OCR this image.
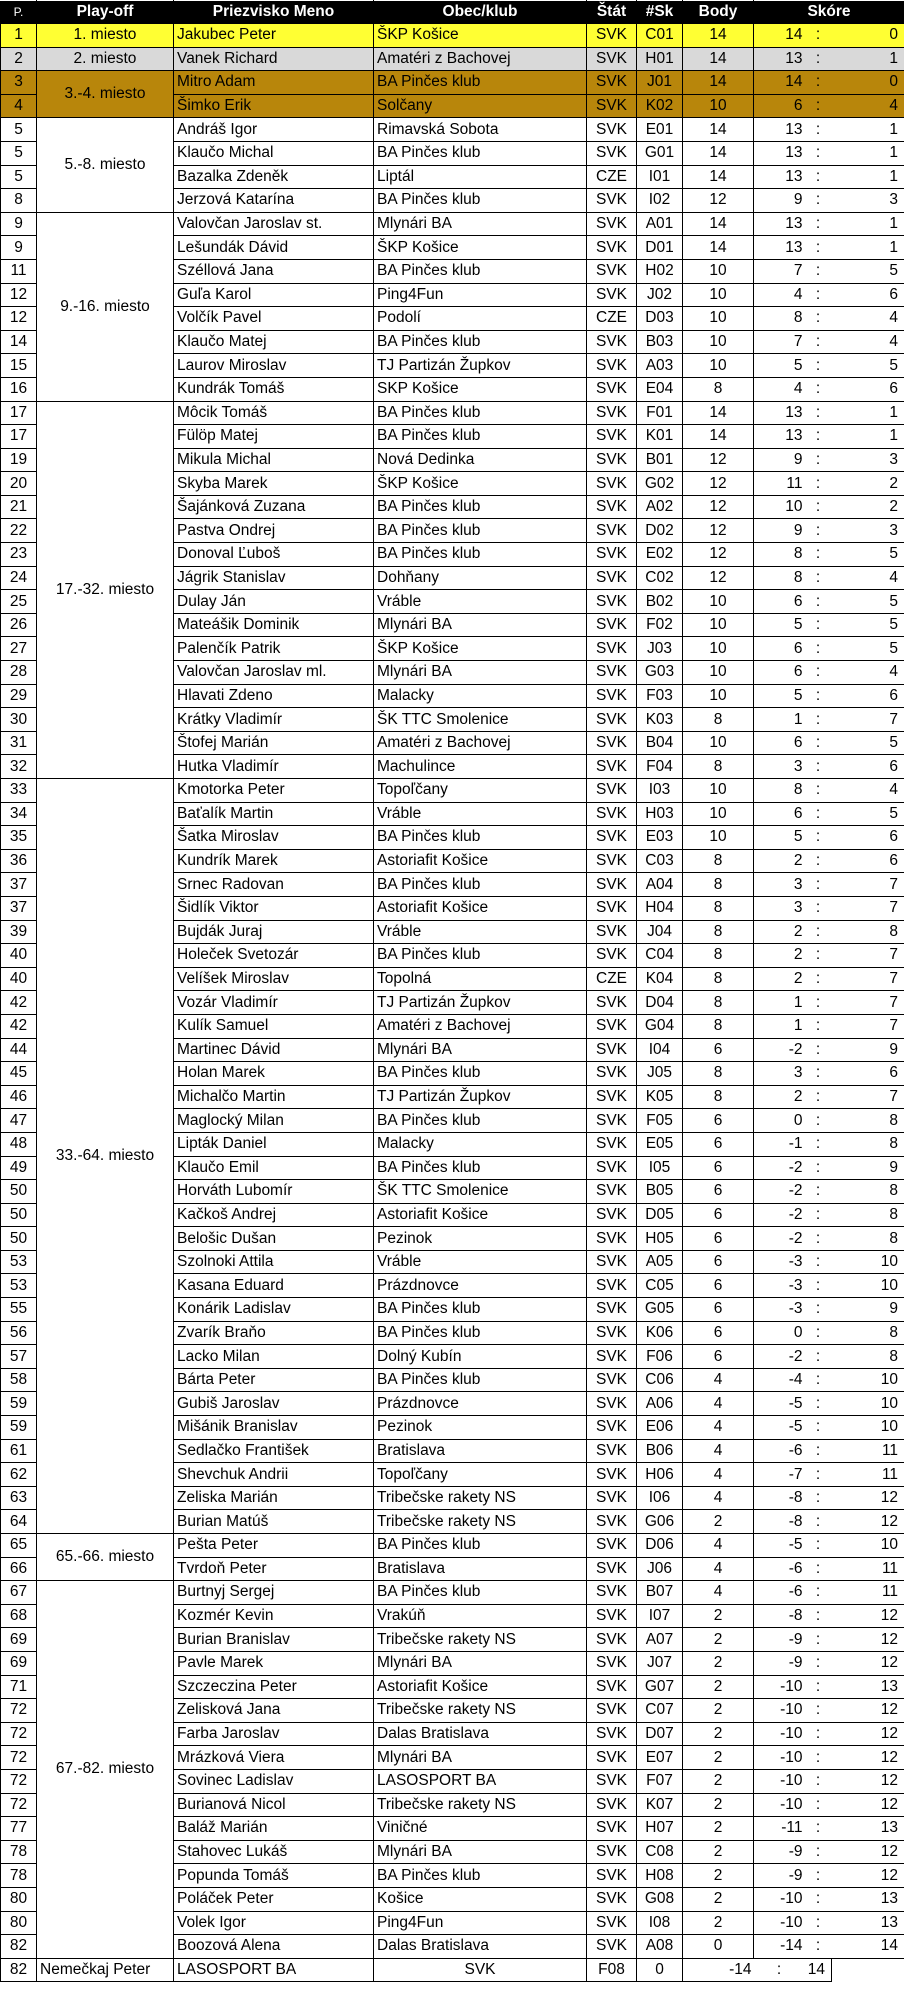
P.	Play-off	Priezvisko Meno	Obec/klub	Štát	#Sk	Body	Skóre		
1	1. miesto	Jakubec Peter	ŠKP Košice	SVK	C01	14	14	:	0
2	2. miesto	Vanek Richard	Amatéri z Bachovej	SVK	H01	14	13	:	1
3	3.-4. miesto	Mitro Adam	BA Pinčes klub	SVK	J01	14	14	:	0
4		Šimko Erik	Solčany	SVK	K02	10	6	:	4
5	5.-8. miesto	Andráš Igor	Rimavská Sobota	SVK	E01	14	13	:	1
5		Klaučo Michal	BA Pinčes klub	SVK	G01	14	13	:	1
5		Bazalka Zdeněk	Liptál	CZE	I01	14	13	:	1
8		Jerzová Katarína	BA Pinčes klub	SVK	I02	12	9	:	3
9	9.-16. miesto	Valovčan Jaroslav st.	Mlynári BA	SVK	A01	14	13	:	1
9		Lešundák Dávid	ŠKP Košice	SVK	D01	14	13	:	1
11		Széllová Jana	BA Pinčes klub	SVK	H02	10	7	:	5
12		Guľa Karol	Ping4Fun	SVK	J02	10	4	:	6
12		Volčík Pavel	Podolí	CZE	D03	10	8	:	4
14		Klaučo Matej	BA Pinčes klub	SVK	B03	10	7	:	4
15		Laurov Miroslav	TJ Partizán Župkov	SVK	A03	10	5	:	5
16		Kundrák Tomáš	SKP Košice	SVK	E04	8	4	:	6
17	17.-32. miesto	Môcik Tomáš	BA Pinčes klub	SVK	F01	14	13	:	1
17		Fülöp Matej	BA Pinčes klub	SVK	K01	14	13	:	1
19		Mikula Michal	Nová Dedinka	SVK	B01	12	9	:	3
20		Skyba Marek	ŠKP Košice	SVK	G02	12	11	:	2
21		Šajánková Zuzana	BA Pinčes klub	SVK	A02	12	10	:	2
22		Pastva Ondrej	BA Pinčes klub	SVK	D02	12	9	:	3
23		Donoval Ľuboš	BA Pinčes klub	SVK	E02	12	8	:	5
24		Jágrik Stanislav	Dohňany	SVK	C02	12	8	:	4
25		Dulay Ján	Vráble	SVK	B02	10	6	:	5
26		Mateášik Dominik	Mlynári BA	SVK	F02	10	5	:	5
27		Palenčík Patrik	ŠKP Košice	SVK	J03	10	6	:	5
28		Valovčan Jaroslav ml.	Mlynári BA	SVK	G03	10	6	:	4
29		Hlavati Zdeno	Malacky	SVK	F03	10	5	:	6
30		Krátky Vladimír	ŠK TTC Smolenice	SVK	K03	8	1	:	7
31		Štofej Marián	Amatéri z Bachovej	SVK	B04	10	6	:	5
32		Hutka Vladimír	Machulince	SVK	F04	8	3	:	6
33	33.-64. miesto	Kmotorka Peter	Topoľčany	SVK	I03	10	8	:	4
34		Baťalík Martin	Vráble	SVK	H03	10	6	:	5
35		Šatka Miroslav	BA Pinčes klub	SVK	E03	10	5	:	6
36		Kundrík Marek	Astoriafit Košice	SVK	C03	8	2	:	6
37		Srnec Radovan	BA Pinčes klub	SVK	A04	8	3	:	7
37		Šidlík Viktor	Astoriafit Košice	SVK	H04	8	3	:	7
39		Bujdák Juraj	Vráble	SVK	J04	8	2	:	8
40		Holeček Svetozár	BA Pinčes klub	SVK	C04	8	2	:	7
40		Velíšek Miroslav	Topolná	CZE	K04	8	2	:	7
42		Vozár Vladimír	TJ Partizán Župkov	SVK	D04	8	1	:	7
42		Kulík Samuel	Amatéri z Bachovej	SVK	G04	8	1	:	7
44		Martinec Dávid	Mlynári BA	SVK	I04	6	-2	:	9
45		Holan Marek	BA Pinčes klub	SVK	J05	8	3	:	6
46		Michalčo Martin	TJ Partizán Župkov	SVK	K05	8	2	:	7
47		Maglocký Milan	BA Pinčes klub	SVK	F05	6	0	:	8
48		Lipták Daniel	Malacky	SVK	E05	6	-1	:	8
49		Klaučo Emil	BA Pinčes klub	SVK	I05	6	-2	:	9
50		Horváth Lubomír	ŠK TTC Smolenice	SVK	B05	6	-2	:	8
50		Kačkoš Andrej	Astoriafit Košice	SVK	D05	6	-2	:	8
50		Belošic Dušan	Pezinok	SVK	H05	6	-2	:	8
53		Szolnoki Attila	Vráble	SVK	A05	6	-3	:	10
53		Kasana Eduard	Prázdnovce	SVK	C05	6	-3	:	10
55		Konárik Ladislav	BA Pinčes klub	SVK	G05	6	-3	:	9
56		Zvarík Braňo	BA Pinčes klub	SVK	K06	6	0	:	8
57		Lacko Milan	Dolný Kubín	SVK	F06	6	-2	:	8
58		Bárta Peter	BA Pinčes klub	SVK	C06	4	-4	:	10
59		Gubiš Jaroslav	Prázdnovce	SVK	A06	4	-5	:	10
59		Mišánik Branislav	Pezinok	SVK	E06	4	-5	:	10
61		Sedlačko František	Bratislava	SVK	B06	4	-6	:	11
62		Shevchuk Andrii	Topoľčany	SVK	H06	4	-7	:	11
63		Zeliska Marián	Tribečske rakety NS	SVK	I06	4	-8	:	12
64		Burian Matúš	Tribečske rakety NS	SVK	G06	2	-8	:	12
65	65.-66. miesto	Pešta Peter	BA Pinčes klub	SVK	D06	4	-5	:	10
66		Tvrdoň Peter	Bratislava	SVK	J06	4	-6	:	11
67	67.-82. miesto	Burtnyj Sergej	BA Pinčes klub	SVK	B07	4	-6	:	11
68		Kozmér Kevin	Vrakúň	SVK	I07	2	-8	:	12
69		Burian Branislav	Tribečske rakety NS	SVK	A07	2	-9	:	12
69		Pavle Marek	Mlynári BA	SVK	J07	2	-9	:	12
71		Szczeczina Peter	Astoriafit Košice	SVK	G07	2	-10	:	13
72		Zelisková Jana	Tribečske rakety NS	SVK	C07	2	-10	:	12
72		Farba Jaroslav	Dalas Bratislava	SVK	D07	2	-10	:	12
72		Mrázková Viera	Mlynári BA	SVK	E07	2	-10	:	12
72		Sovinec Ladislav	LASOSPORT BA	SVK	F07	2	-10	:	12
72		Burianová Nicol	Tribečske rakety NS	SVK	K07	2	-10	:	12
77		Baláž Marián	Viničné	SVK	H07	2	-11	:	13
78		Stahovec Lukáš	Mlynári BA	SVK	C08	2	-9	:	12
78		Popunda Tomáš	BA Pinčes klub	SVK	H08	2	-9	:	12
80		Poláček Peter	Košice	SVK	G08	2	-10	:	13
80		Volek Igor	Ping4Fun	SVK	I08	2	-10	:	13
82		Boozová Alena	Dalas Bratislava	SVK	A08	0	-14	:	14
82	Nemečkaj Peter	LASOSPORT BA	SVK	F08	0	-14	:	14	
